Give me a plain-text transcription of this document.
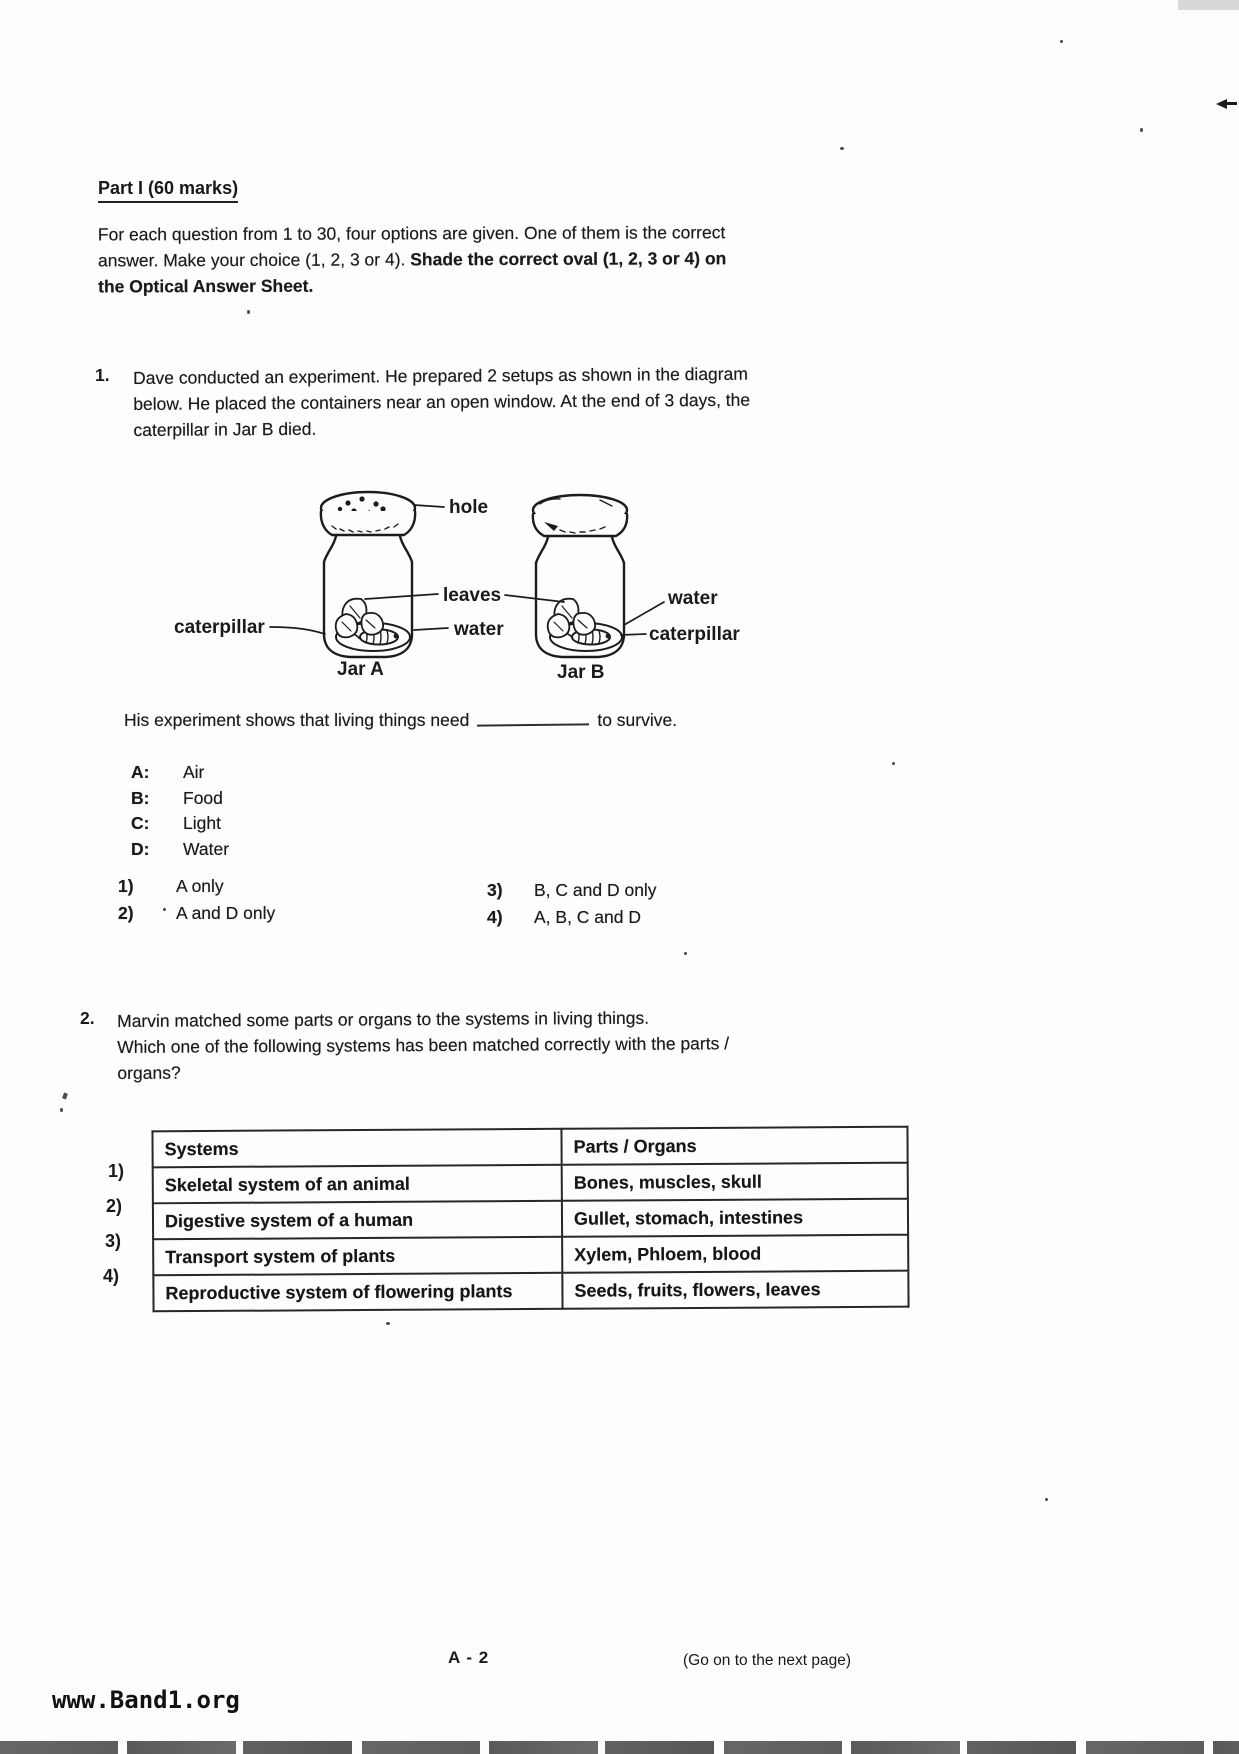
Part I (60 marks)
For each question from 1 to 30, four options are given. One of them is the correct
answer. Make your choice (1, 2, 3 or 4). Shade the correct oval (1, 2, 3 or 4) on
the Optical Answer Sheet.
1. Dave conducted an experiment. He prepared 2 setups as shown in the diagram
below. He placed the containers near an open window. At the end of 3 days, the
caterpillar in Jar B died.
hole
leaves
water
caterpillar
water
caterpillar
Jar A	Jar B
His experiment shows that living things need	to survive.
A: Air
B: Food
C: Light
D: Water
1) A only
2) A and D only
3) B, C and D only
4) A, B, C and D
2. Marvin matched some parts or organs to the systems in living things.
Which one of the following systems has been matched correctly with the parts /
organs?
1)
2)
3)
4)
Systems	Parts / Organs
Skeletal system of an animal	Bones, muscles, skull
Digestive system of a human	Gullet, stomach, intestines
Transport system of plants	Xylem, Phloem, blood
Reproductive system of flowering plants	Seeds, fruits, flowers, leaves
A - 2	(Go on to the next page)
www.Band1.org
